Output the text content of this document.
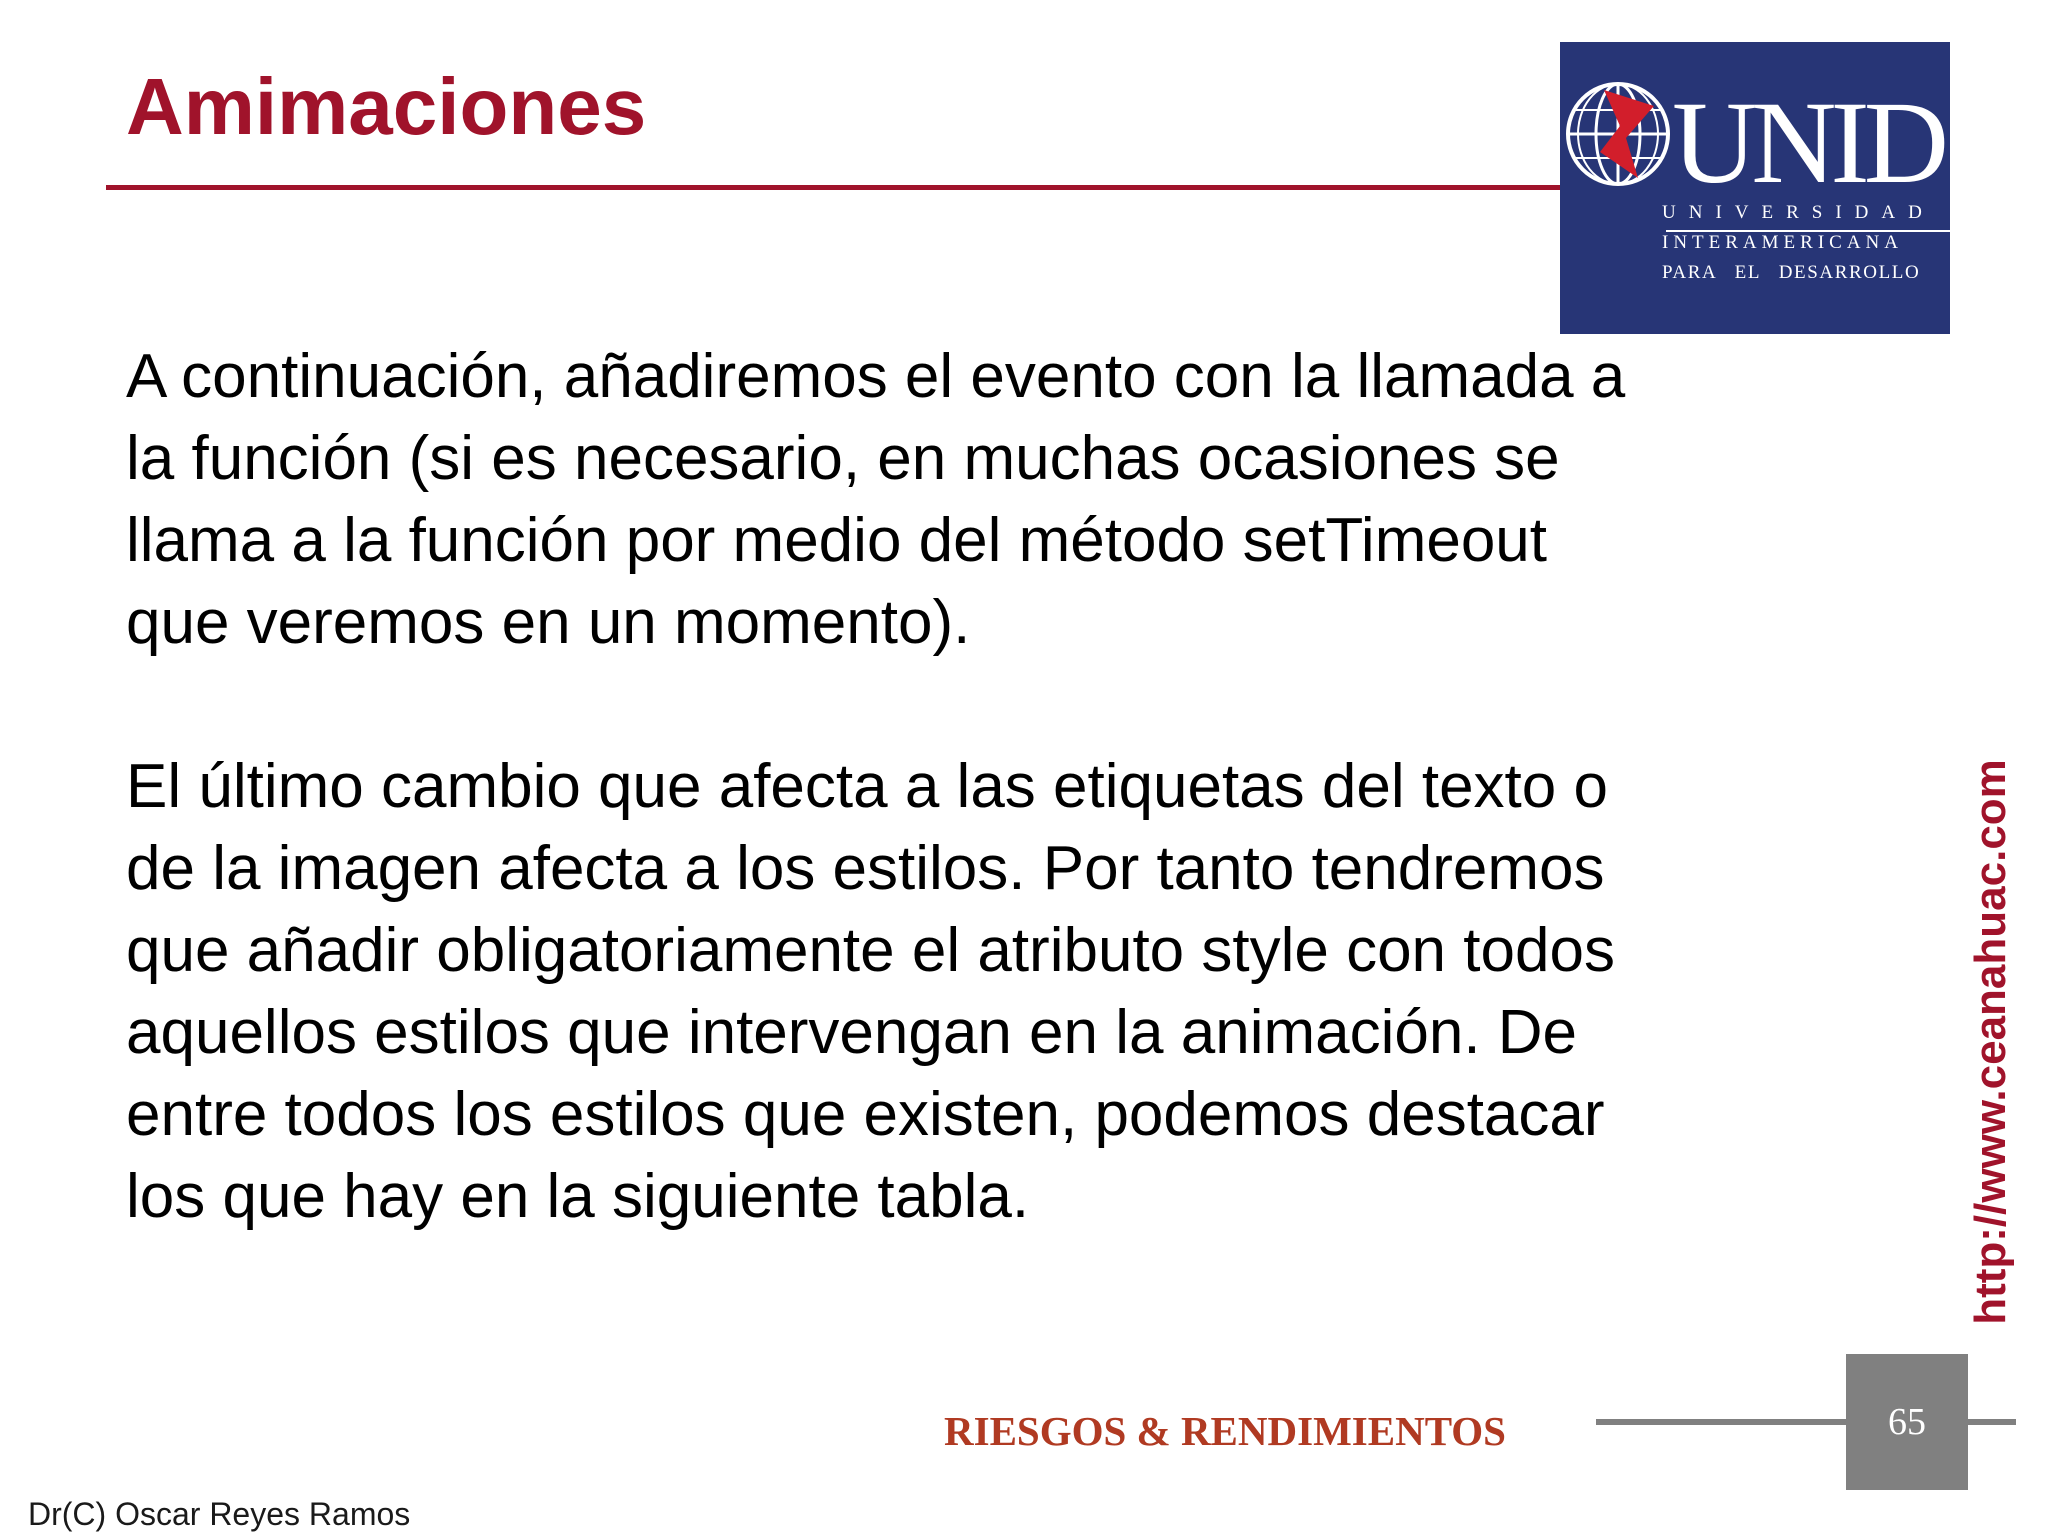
Amimaciones	UNID
UNIVERSIDAD
INTERAMERICANA
PARA EL DESARROLLO
A continuación, añadiremos el evento con la llamada a
la función (si es necesario, en muchas ocasiones se
llama a la función por medio del método setTimeout
que veremos en un momento).
El último cambio que afecta a las etiquetas del texto o
de la imagen afecta a los estilos. Por tanto tendremos
que añadir obligatoriamente el atributo style con todos
aquellos estilos que intervengan en la animación. De
entre todos los estilos que existen, podemos destacar
los que hay en la siguiente tabla.	http://www.ceanahuac.com
RIESGOS & RENDIMIENTOS	65
Dr(C) Oscar Reyes Ramos
